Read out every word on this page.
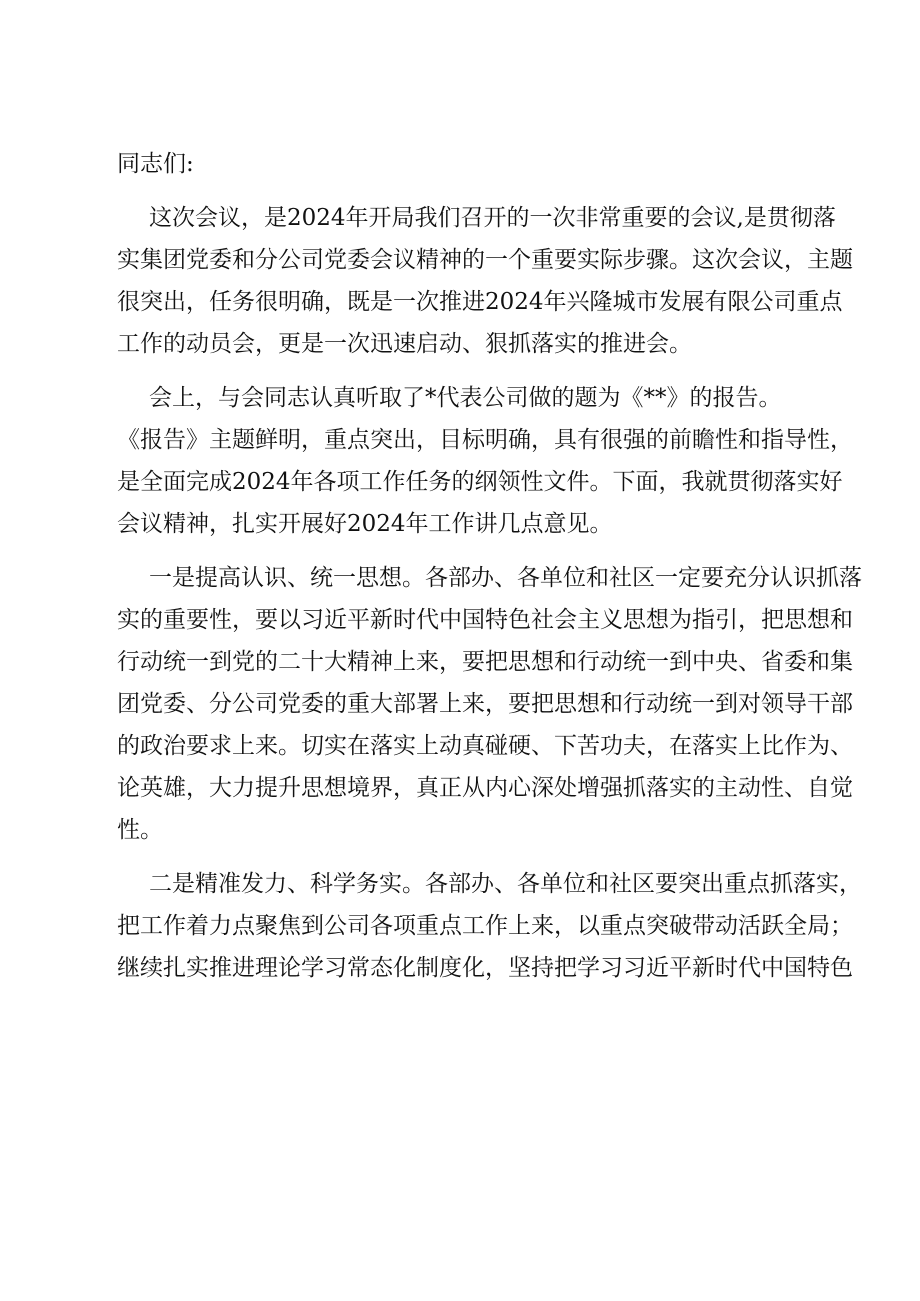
同志们:
这次会议，是2024年开局我们召开的一次非常重要的会议,是贯彻落
实集团党委和分公司党委会议精神的一个重要实际步骤。这次会议，主题
很突出，任务很明确，既是一次推进2024年兴隆城市发展有限公司重点
工作的动员会，更是一次迅速启动、狠抓落实的推进会。
会上，与会同志认真听取了*代表公司做的题为《**》的报告。
《报告》主题鲜明，重点突出，目标明确，具有很强的前瞻性和指导性，
是全面完成2024年各项工作任务的纲领性文件。下面，我就贯彻落实好
会议精神，扎实开展好2024年工作讲几点意见。
一是提高认识、统一思想。各部办、各单位和社区一定要充分认识抓落
实的重要性，要以习近平新时代中国特色社会主义思想为指引，把思想和
行动统一到党的二十大精神上来，要把思想和行动统一到中央、省委和集
团党委、分公司党委的重大部署上来，要把思想和行动统一到对领导干部
的政治要求上来。切实在落实上动真碰硬、下苦功夫，在落实上比作为、
论英雄，大力提升思想境界，真正从内心深处增强抓落实的主动性、自觉
性。
二是精准发力、科学务实。各部办、各单位和社区要突出重点抓落实，
把工作着力点聚焦到公司各项重点工作上来，以重点突破带动活跃全局；
继续扎实推进理论学习常态化制度化，坚持把学习习近平新时代中国特色
